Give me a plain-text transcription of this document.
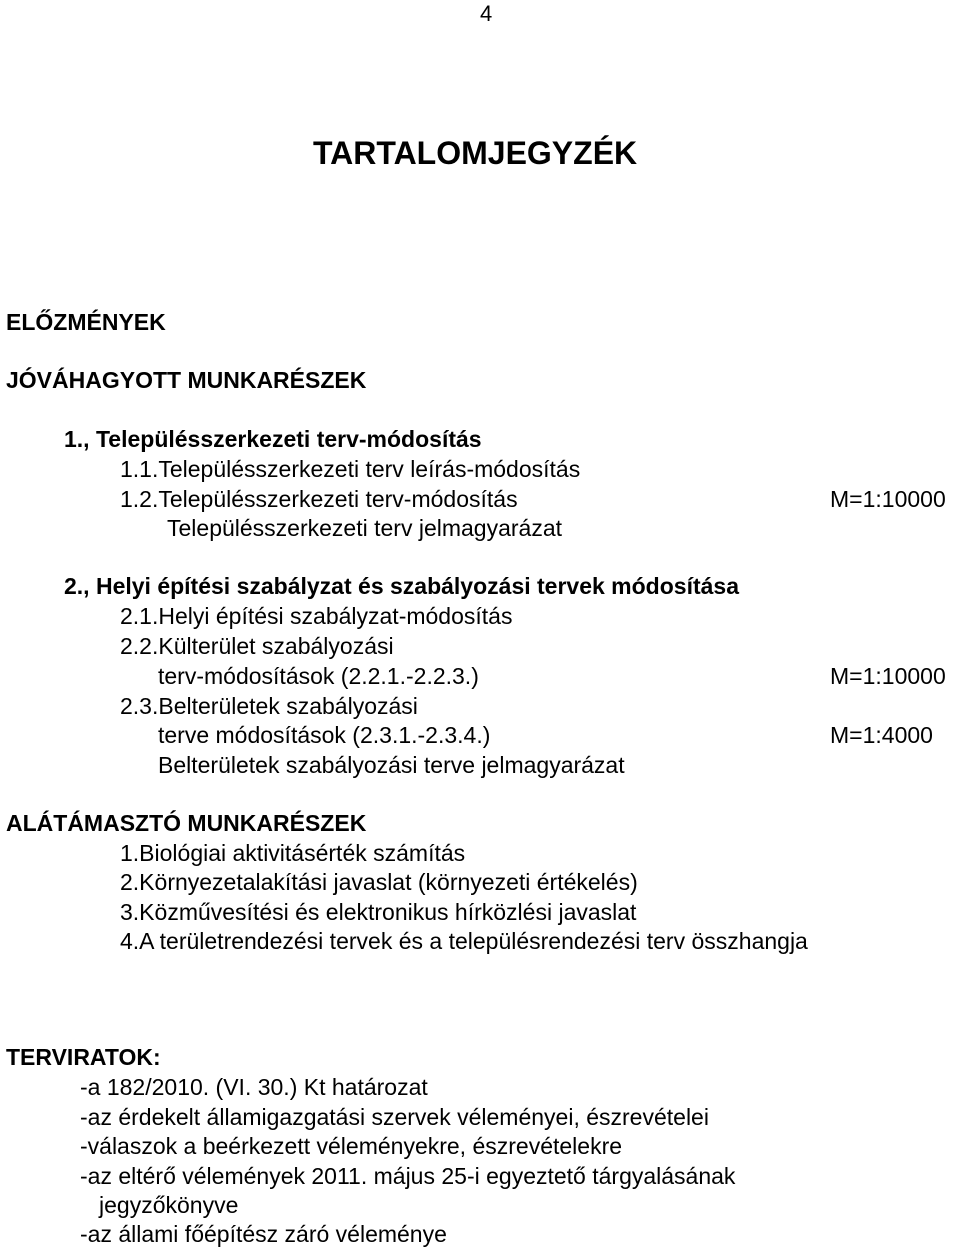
4
TARTALOMJEGYZÉK
ELŐZMÉNYEK
JÓVÁHAGYOTT MUNKARÉSZEK
1., Településszerkezeti terv-módosítás
1.1.Településszerkezeti terv leírás-módosítás
1.2.Településszerkezeti terv-módosítás	M=1:10000
Településszerkezeti terv jelmagyarázat
2., Helyi építési szabályzat és szabályozási tervek módosítása
2.1.Helyi építési szabályzat-módosítás
2.2.Külterület szabályozási
terv-módosítások (2.2.1.-2.2.3.)	M=1:10000
2.3.Belterületek szabályozási
terve módosítások (2.3.1.-2.3.4.)	M=1:4000
Belterületek szabályozási terve jelmagyarázat
ALÁTÁMASZTÓ MUNKARÉSZEK
1.Biológiai aktivitásérték számítás
2.Környezetalakítási javaslat (környezeti értékelés)
3.Közművesítési és elektronikus hírközlési javaslat
4.A területrendezési tervek és a településrendezési terv összhangja
TERVIRATOK:
-a 182/2010. (VI. 30.) Kt határozat
-az érdekelt államigazgatási szervek véleményei, észrevételei
-válaszok a beérkezett véleményekre, észrevételekre
-az eltérő vélemények 2011. május 25-i egyeztető tárgyalásának
jegyzőkönyve
-az állami főépítész záró véleménye
